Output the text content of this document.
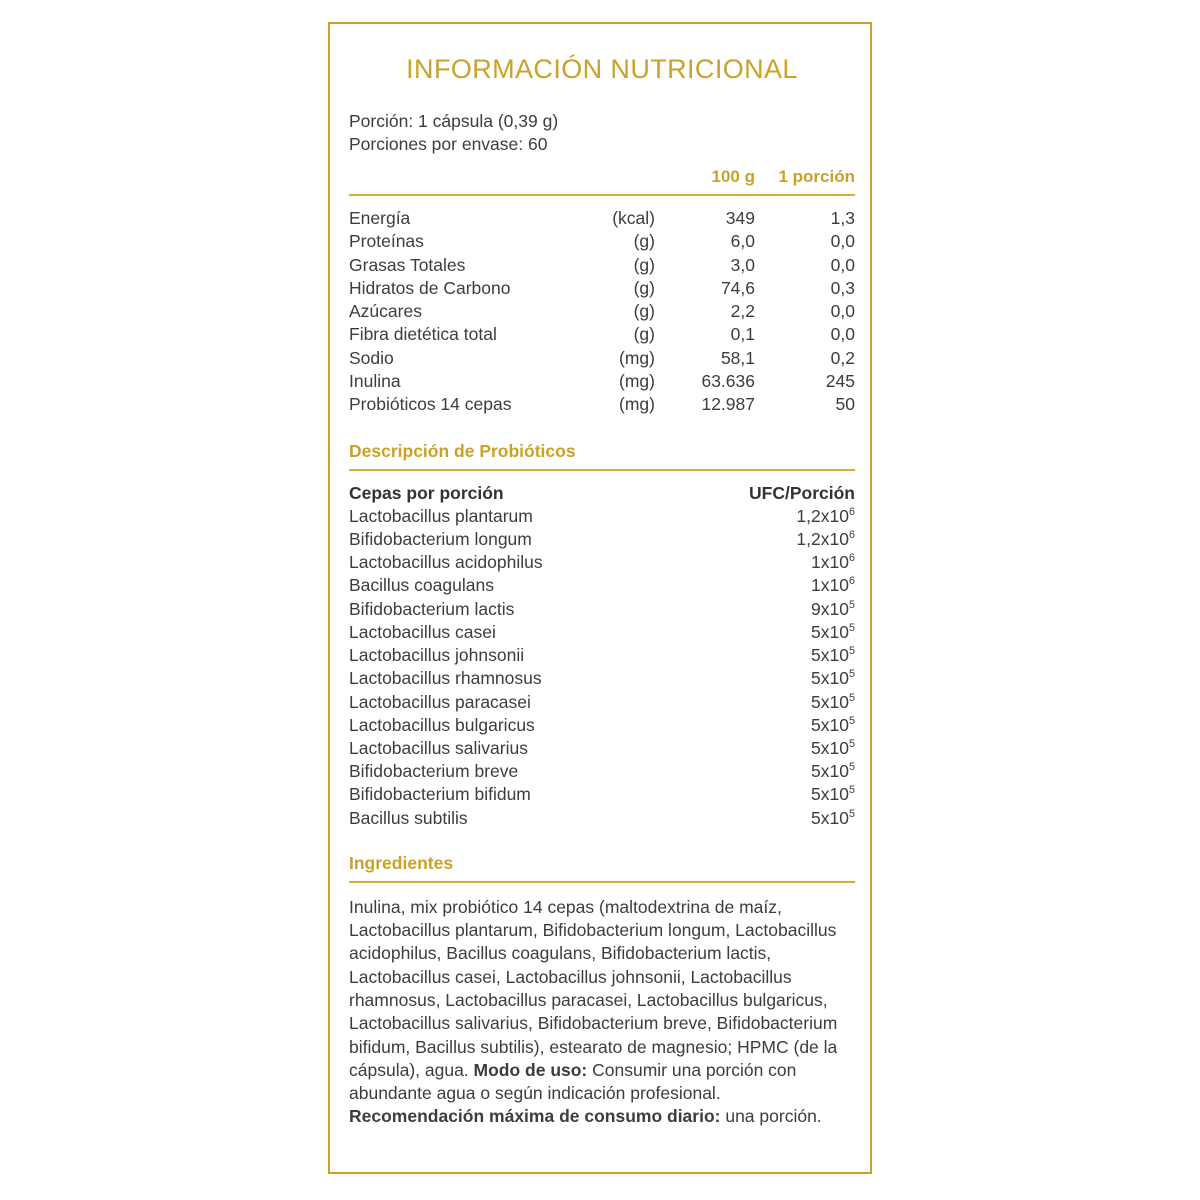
INFORMACIÓN NUTRICIONAL
Porción: 1 cápsula (0,39 g)
Porciones por envase: 60
100 g	1 porción
Energía	(kcal)	349	1,3
Proteínas	(g)	6,0	0,0
Grasas Totales	(g)	3,0	0,0
Hidratos de Carbono	(g)	74,6	0,3
Azúcares	(g)	2,2	0,0
Fibra dietética total	(g)	0,1	0,0
Sodio	(mg)	58,1	0,2
Inulina	(mg)	63.636	245
Probióticos 14 cepas	(mg)	12.987	50
Descripción de Probióticos
Cepas por porción	UFC/Porción
Lactobacillus plantarum	$1,2x10^6$
Bifidobacterium longum	$1,2x10^6$
Lactobacillus acidophilus	$1x10^6$
Bacillus coagulans	$1x10^6$
Bifidobacterium lactis	$9x10^5$
Lactobacillus casei	$5x10^5$
Lactobacillus johnsonii	$5x10^5$
Lactobacillus rhamnosus	$5x10^5$
Lactobacillus paracasei	$5x10^5$
Lactobacillus bulgaricus	$5x10^5$
Lactobacillus salivarius	$5x10^5$
Bifidobacterium breve	$5x10^5$
Bifidobacterium bifidum	$5x10^5$
Bacillus subtilis	$5x10^5$
Ingredientes
Inulina, mix probiótico 14 cepas (maltodextrina de maíz, Lactobacillus plantarum, Bifidobacterium longum, Lactobacillus acidophilus, Bacillus coagulans, Bifidobacterium lactis, Lactobacillus casei, Lactobacillus johnsonii, Lactobacillus rhamnosus, Lactobacillus paracasei, Lactobacillus bulgaricus, Lactobacillus salivarius, Bifidobacterium breve, Bifidobacterium bifidum, Bacillus subtilis), estearato de magnesio; HPMC (de la cápsula), agua. Modo de uso: Consumir una porción con abundante agua o según indicación profesional. Recomendación máxima de consumo diario: una porción.
